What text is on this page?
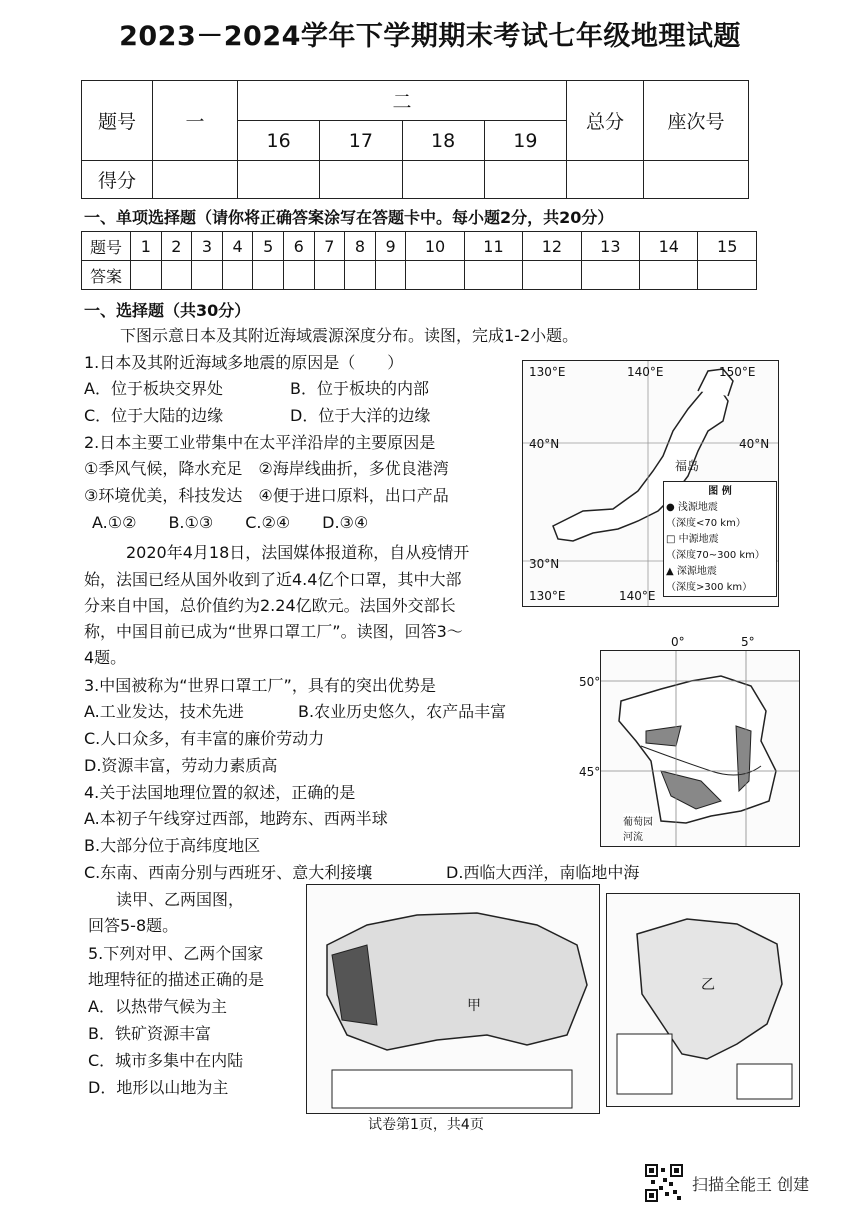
2023－2024学年下学期期末考试七年级地理试题
题号	一	二				总分	座次号
		16	17	18	19		
得分							
一、单项选择题（请你将正确答案涂写在答题卡中。每小题2分，共20分）
题号	1	2	3	4	5	6	7	8	9	10	11	12	13	14	15
答案															
一、选择题（共30分）
下图示意日本及其附近海域震源深度分布。读图，完成1-2小题。
1.日本及其附近海域多地震的原因是（　　）
A．位于板块交界处	B．位于板块的内部
C．位于大陆的边缘	D．位于大洋的边缘
2.日本主要工业带集中在太平洋沿岸的主要原因是
①季风气候，降水充足　②海岸线曲折，多优良港湾
③环境优美，科技发达　④便于进口原料，出口产品
A.①②　　B.①③　　C.②④　　D.③④
2020年4月18日，法国媒体报道称，自从疫情开
始，法国已经从国外收到了近4.4亿个口罩，其中大部
分来自中国，总价值约为2.24亿欧元。法国外交部长
称，中国目前已成为“世界口罩工厂”。读图，回答3～
4题。
3.中国被称为“世界口罩工厂”，具有的突出优势是
A.工业发达，技术先进	B.农业历史悠久，农产品丰富
C.人口众多，有丰富的廉价劳动力
D.资源丰富，劳动力素质高
4.关于法国地理位置的叙述，正确的是
A.本初子午线穿过西部，地跨东、西两半球
B.大部分位于高纬度地区
C.东南、西南分别与西班牙、意大利接壤	D.西临大西洋，南临地中海
读甲、乙两国图，
回答5-8题。
5.下列对甲、乙两个国家
地理特征的描述正确的是
A．以热带气候为主
B．铁矿资源丰富
C．城市多集中在内陆
D．地形以山地为主
130°E	140°E	150°E
130°E	140°E
40°N	40°N
30°N
福岛
图 例
● 浅源地震
（深度<70 km）
□ 中源地震
（深度70~300 km）
▲ 深源地震
（深度>300 km）
0°	5°
50°
45°
葡萄园
河流
甲
乙
试卷第1页，共4页
扫描全能王 创建
